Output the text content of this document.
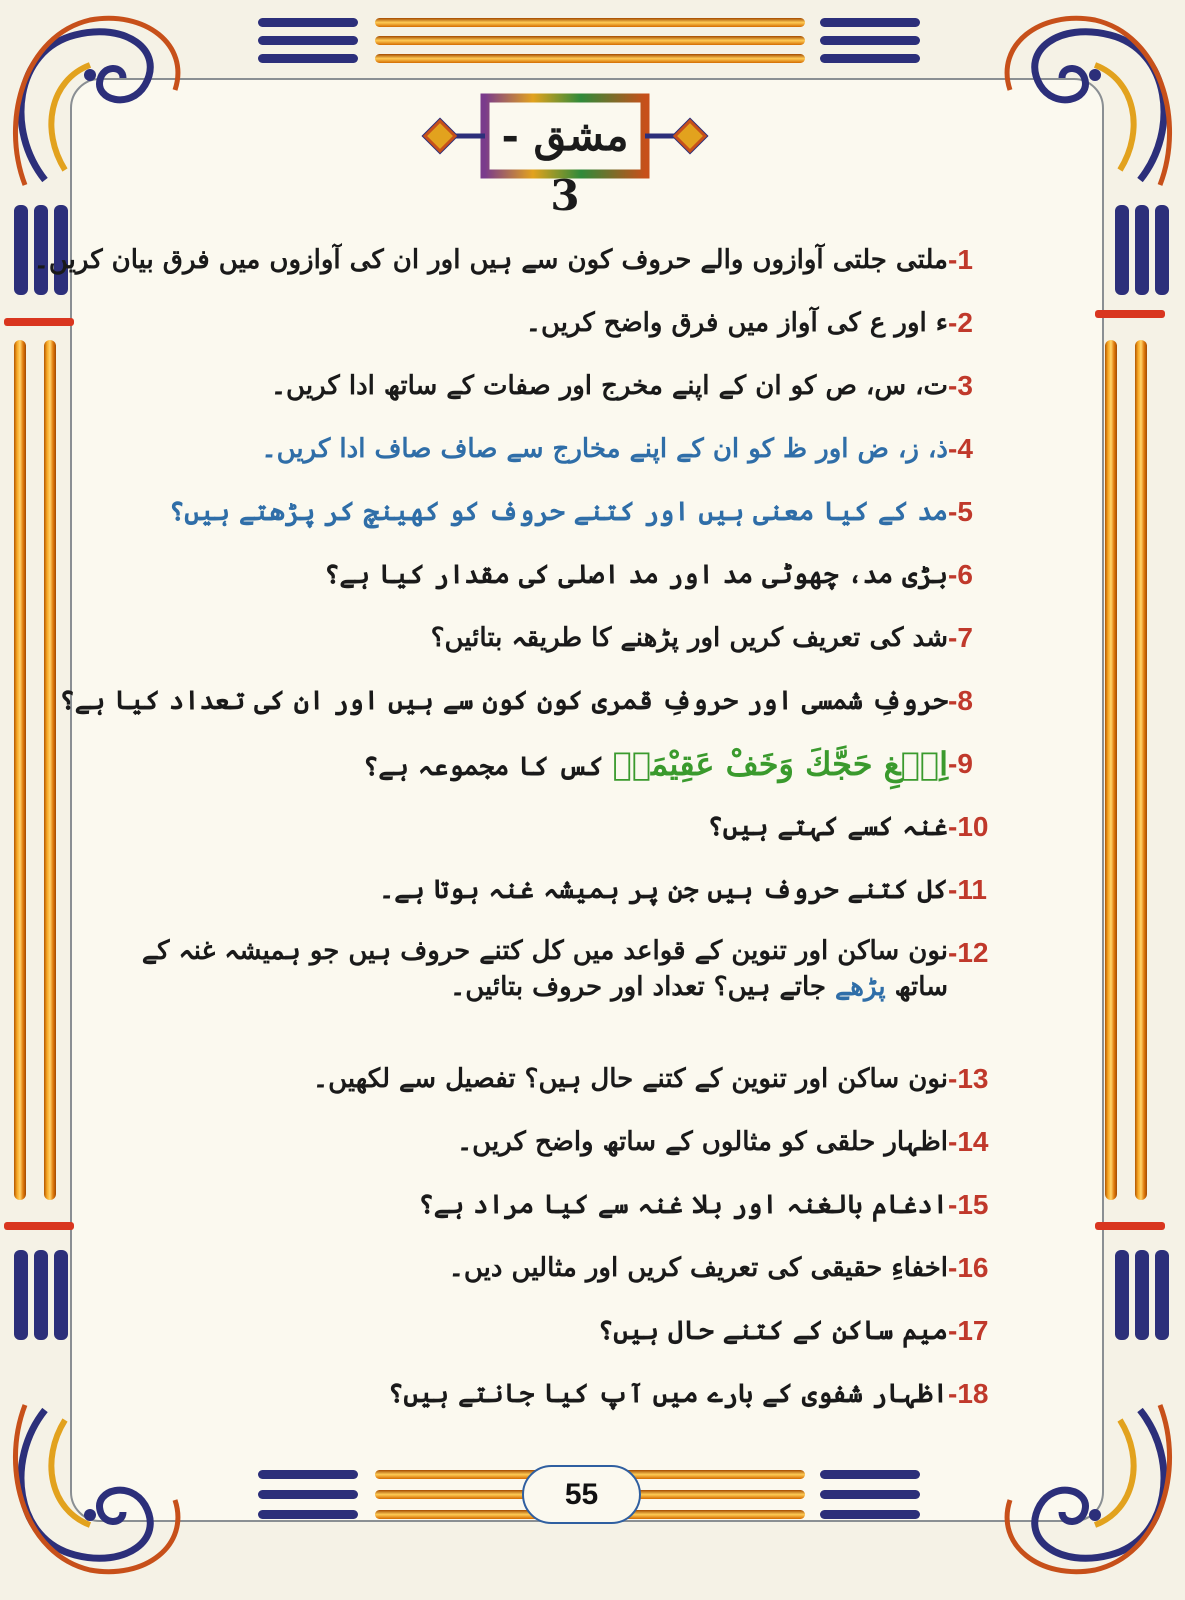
مشق - 3
-1
ملتی جلتی آوازوں والے حروف کون سے ہیں اور ان کی آوازوں میں فرق بیان کریں۔
-2
ء اور ع کی آواز میں فرق واضح کریں۔
-3
ت، س، ص کو ان کے اپنے مخرج اور صفات کے ساتھ ادا کریں۔
-4
ذ، ز، ض اور ظ کو ان کے اپنے مخارج سے صاف صاف ادا کریں۔
-5
مد کے کیا معنی ہیں اور کتنے حروف کو کھینچ کر پڑھتے ہیں؟
-6
بڑی مد، چھوٹی مد اور مد اصلی کی مقدار کیا ہے؟
-7
شد کی تعریف کریں اور پڑھنے کا طریقہ بتائیں؟
-8
حروفِ شمسی اور حروفِ قمری کون کون سے ہیں اور ان کی تعداد کیا ہے؟
-9
اِبۡغِ حَجَّكَ وَخَفْ عَقِیْمَہٗ کس کا مجموعہ ہے؟
-10
غنہ کسے کہتے ہیں؟
-11
کل کتنے حروف ہیں جن پر ہمیشہ غنہ ہوتا ہے۔
-12
نون ساکن اور تنوین کے قواعد میں کل کتنے حروف ہیں جو ہمیشہ غنہ کے ساتھ پڑھے جاتے ہیں؟ تعداد اور حروف بتائیں۔
-13
نون ساکن اور تنوین کے کتنے حال ہیں؟ تفصیل سے لکھیں۔
-14
اظہار حلقی کو مثالوں کے ساتھ واضح کریں۔
-15
ادغام بالغنہ اور بلا غنہ سے کیا مراد ہے؟
-16
اخفاءِ حقیقی کی تعریف کریں اور مثالیں دیں۔
-17
میم ساکن کے کتنے حال ہیں؟
-18
اظہار شفوی کے بارے میں آپ کیا جانتے ہیں؟
55
